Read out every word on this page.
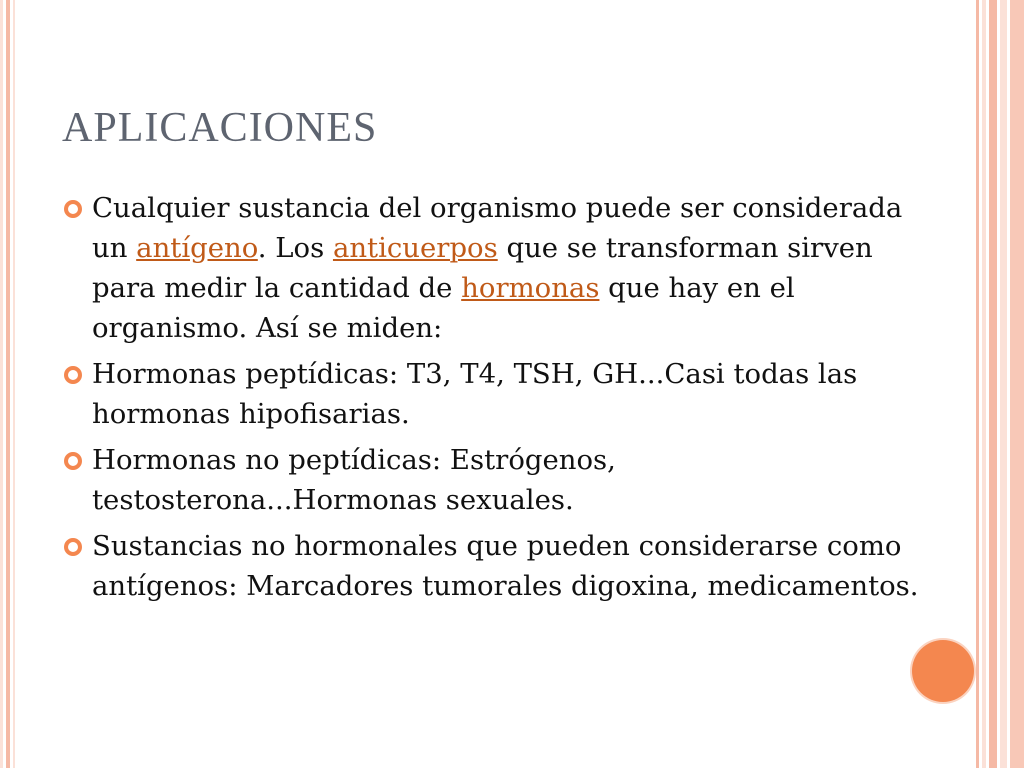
APLICACIONES
Cualquier sustancia del organismo puede ser considerada un antígeno. Los anticuerpos que se transforman sirven para medir la cantidad de hormonas que hay en el organismo. Así se miden:
Hormonas peptídicas: T3, T4, TSH, GH...Casi todas las hormonas hipofisarias.
Hormonas no peptídicas: Estrógenos, testosterona...Hormonas sexuales.
Sustancias no hormonales que pueden considerarse como antígenos: Marcadores tumorales digoxina, medicamentos.
